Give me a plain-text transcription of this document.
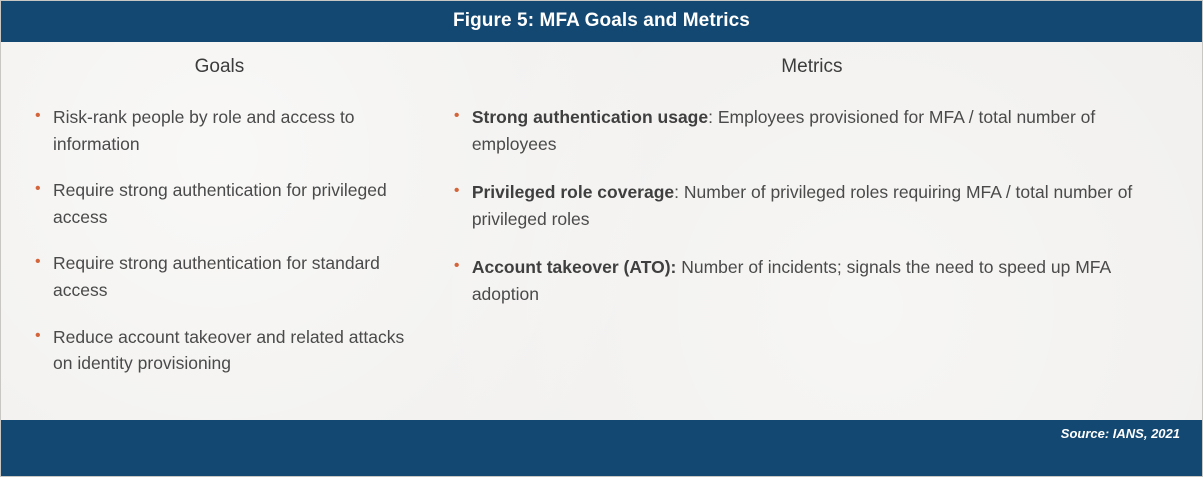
Figure 5: MFA Goals and Metrics
Goals
• Risk-rank people by role and access to information
• Require strong authentication for privileged access
• Require strong authentication for standard access
• Reduce account takeover and related attacks on identity provisioning
Metrics
• Strong authentication usage: Employees provisioned for MFA / total number of employees
• Privileged role coverage: Number of privileged roles requiring MFA / total number of privileged roles
• Account takeover (ATO): Number of incidents; signals the need to speed up MFA adoption
Source: IANS, 2021
